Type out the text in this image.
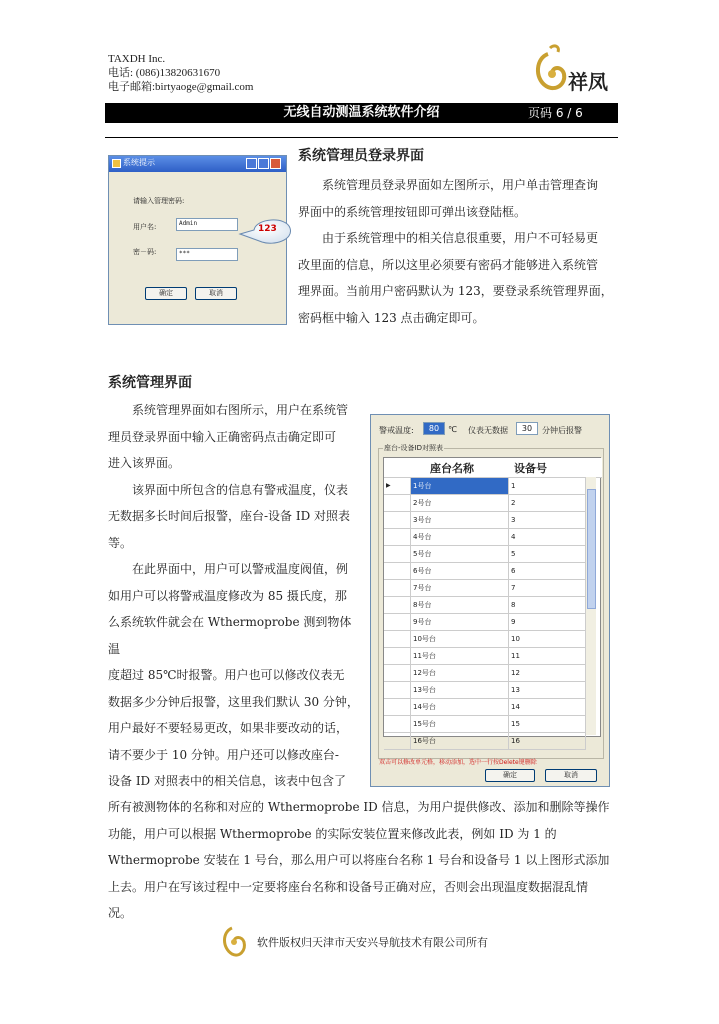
TAXDH Inc.
电话: (086)13820631670
电子邮箱:birtyaoge@gmail.com	祥凤
无线自动测温系统软件介绍	页码 6 / 6
系统提示
请输入管理密码:
用户名:	Admin
密－码:	***
确定	取消
123
系统管理员登录界面
系统管理员登录界面如左图所示，用户单击管理查询
界面中的系统管理按钮即可弹出该登陆框。
由于系统管理中的相关信息很重要，用户不可轻易更
改里面的信息，所以这里必须要有密码才能够进入系统管
理界面。当前用户密码默认为 123，要登录系统管理界面，
密码框中输入 123 点击确定即可。
系统管理界面
系统管理界面如右图所示，用户在系统管
理员登录界面中输入正确密码点击确定即可
进入该界面。
该界面中所包含的信息有警戒温度，仪表
无数据多长时间后报警，座台-设备 ID 对照表
等。
在此界面中，用户可以警戒温度阀值，例
如用户可以将警戒温度修改为 85 摄氏度，那
么系统软件就会在 Wthermoprobe 测到物体温
度超过 85℃时报警。用户也可以修改仪表无
数据多少分钟后报警，这里我们默认 30 分钟，
用户最好不要轻易更改，如果非要改动的话，
请不要少于 10 分钟。用户还可以修改座台-
设备 ID 对照表中的相关信息，该表中包含了
所有被测物体的名称和对应的 Wthermoprobe ID 信息，为用户提供修改、添加和删除等操作
功能，用户可以根据 Wthermoprobe 的实际安装位置来修改此表，例如 ID 为 1 的
Wthermoprobe 安装在 1 号台，那么用户可以将座台名称 1 号台和设备号 1 以上图形式添加
上去。用户在写该过程中一定要将座台名称和设备号正确对应，否则会出现温度数据混乱情
况。
警戒温度:	80	℃ 仪表无数据	30	分钟后报警
座台-设备ID对照表
座台名称	设备号
▶	1号台	1
2号台	2
3号台	3
4号台	4
5号台	5
6号台	6
7号台	7
8号台	8
9号台	9
10号台	10
11号台	11
12号台	12
13号台	13
14号台	14
15号台	15
16号台	16
双击可以修改单元格，移动添加，选中一行按Delete键删除
确定	取消
软件版权归天津市天安兴导航技术有限公司所有
